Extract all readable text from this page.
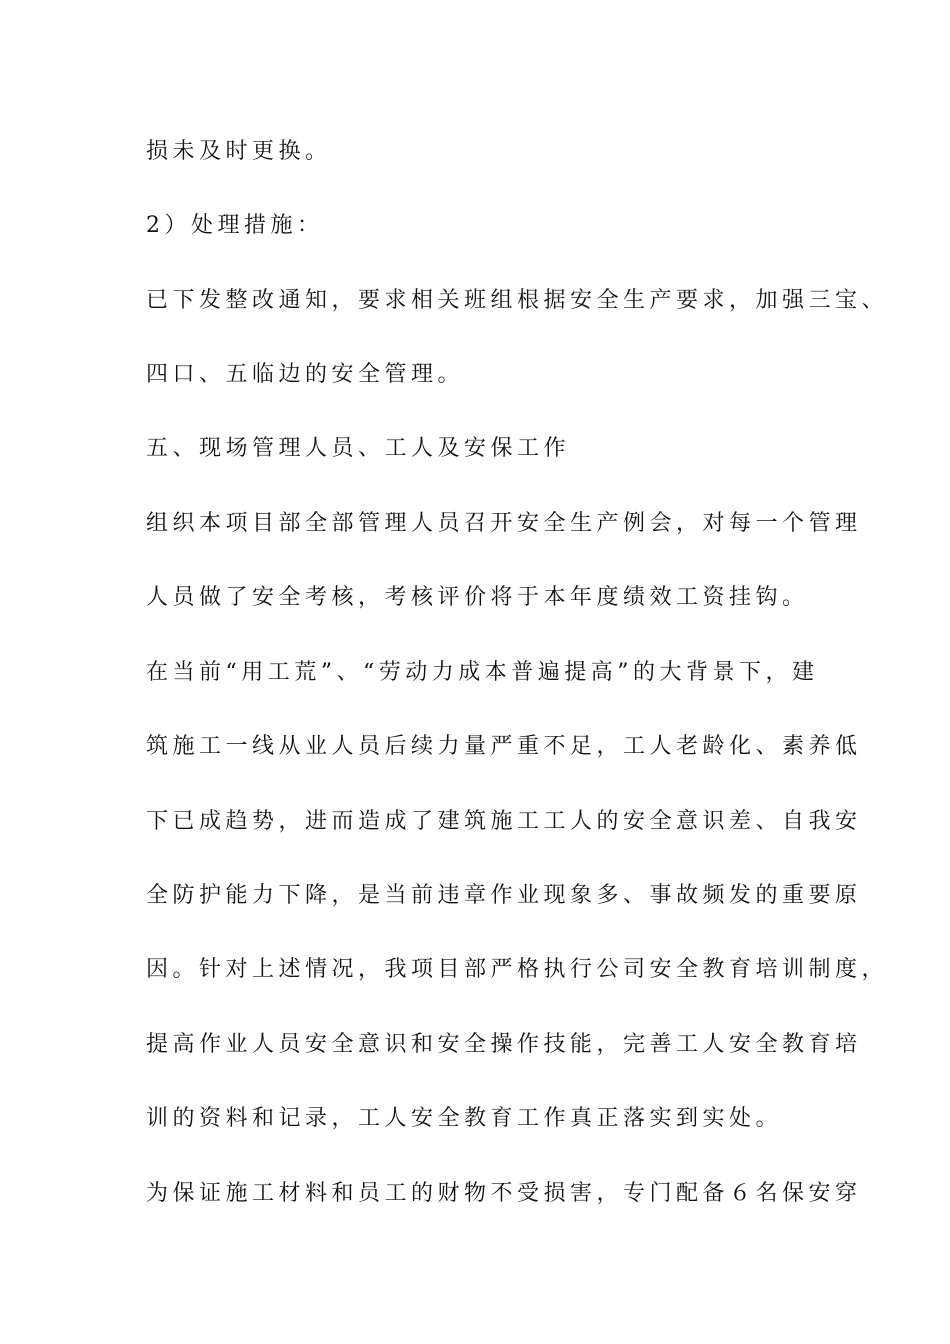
损未及时更换。
2）处理措施：
已下发整改通知，要求相关班组根据安全生产要求，加强三宝、
四口、五临边的安全管理。
五、现场管理人员、工人及安保工作
组织本项目部全部管理人员召开安全生产例会，对每一个管理
人员做了安全考核，考核评价将于本年度绩效工资挂钩。
在当前“用工荒”、“劳动力成本普遍提高”的大背景下，建
筑施工一线从业人员后续力量严重不足，工人老龄化、素养低
下已成趋势，进而造成了建筑施工工人的安全意识差、自我安
全防护能力下降，是当前违章作业现象多、事故频发的重要原
因。针对上述情况，我项目部严格执行公司安全教育培训制度，
提高作业人员安全意识和安全操作技能，完善工人安全教育培
训的资料和记录，工人安全教育工作真正落实到实处。
为保证施工材料和员工的财物不受损害，专门配备６名保安穿
